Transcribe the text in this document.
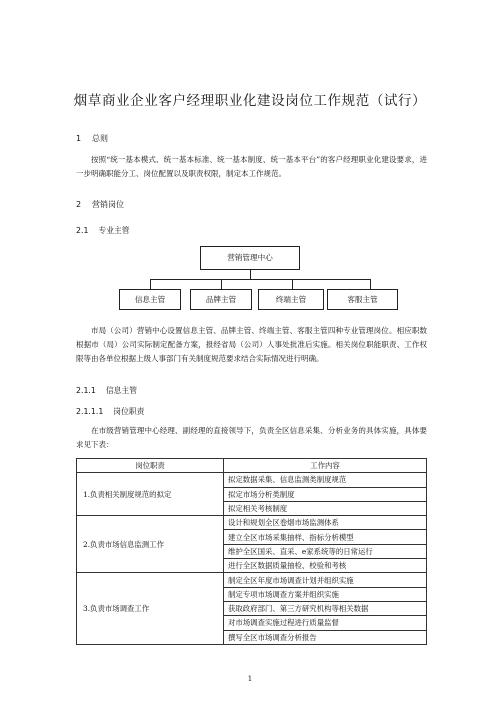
烟草商业企业客户经理职业化建设岗位工作规范（试行）
1 总则
按照“统一基本模式、统一基本标准、统一基本制度、统一基本平台”的客户经理职业化建设要求，进一步明确职能分工、岗位配置以及职责权限，制定本工作规范。
2 营销岗位
2.1 专业主管
营销管理中心
信息主管	品牌主管	终端主管	客服主管
市局（公司）营销中心设置信息主管、品牌主管、终端主管、客服主管四种专业管理岗位。相应职数根据市（局）公司实际制定配备方案，报经省局（公司）人事处批准后实施。相关岗位职能职责、工作权限等由各单位根据上级人事部门有关制度规范要求结合实际情况进行明确。
2.1.1 信息主管
2.1.1.1 岗位职责
在市级营销管理中心经理、副经理的直接领导下，负责全区信息采集、分析业务的具体实施，具体要求见下表：
岗位职责	工作内容
1.负责相关制度规范的拟定	拟定数据采集、信息监测类制度规范
	拟定市场分析类制度
	拟定相关考核制度
2.负责市场信息监测工作	设计和规划全区卷烟市场监测体系
	建立全区市场采集抽样、指标分析模型
	维护全区国采、直采、e家系统等的日常运行
	进行全区数据质量抽检、校验和考核
3.负责市场调查工作	制定全区年度市场调查计划并组织实施
	制定专项市场调查方案并组织实施
	获取政府部门、第三方研究机构等相关数据
	对市场调查实施过程进行质量监督
	撰写全区市场调查分析报告
1
